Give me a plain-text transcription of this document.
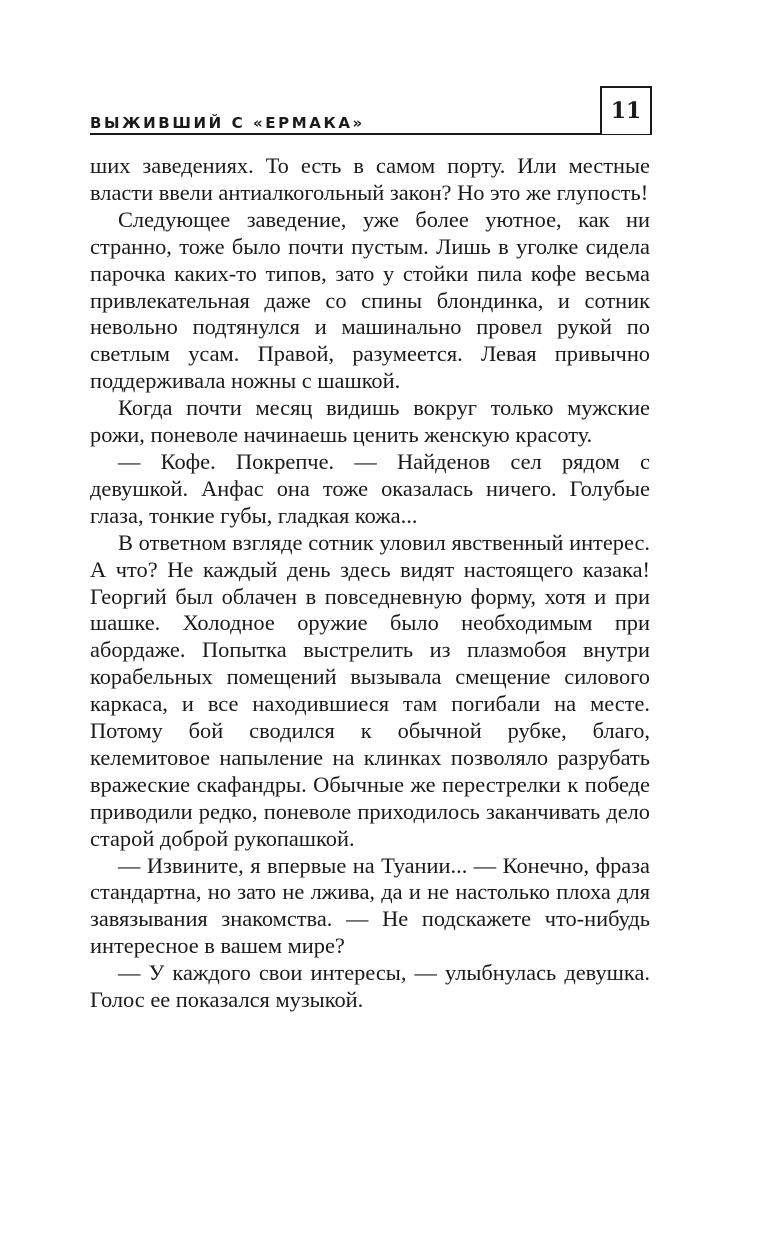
ВЫЖИВШИЙ С «ЕРМАКА»	11

ших заведениях. То есть в самом порту. Или местные власти ввели антиалкогольный закон? Но это же глупость!

Следующее заведение, уже более уютное, как ни странно, тоже было почти пустым. Лишь в уголке сидела парочка каких-то типов, зато у стойки пила кофе весьма привлекательная даже со спины блондинка, и сотник невольно подтянулся и машинально провел рукой по светлым усам. Правой, разумеется. Левая привычно поддерживала ножны с шашкой.

Когда почти месяц видишь вокруг только мужские рожи, поневоле начинаешь ценить женскую красоту.

— Кофе. Покрепче. — Найденов сел рядом с девушкой. Анфас она тоже оказалась ничего. Голубые глаза, тонкие губы, гладкая кожа...

В ответном взгляде сотник уловил явственный интерес. А что? Не каждый день здесь видят настоящего казака! Георгий был облачен в повседневную форму, хотя и при шашке. Холодное оружие было необходимым при абордаже. Попытка выстрелить из плазмобоя внутри корабельных помещений вызывала смещение силового каркаса, и все находившиеся там погибали на месте. Потому бой сводился к обычной рубке, благо, келемитовое напыление на клинках позволяло разрубать вражеские скафандры. Обычные же перестрелки к победе приводили редко, поневоле приходилось заканчивать дело старой доброй рукопашкой.

— Извините, я впервые на Туании... — Конечно, фраза стандартна, но зато не лжива, да и не настолько плоха для завязывания знакомства. — Не подскажете что-нибудь интересное в вашем мире?

— У каждого свои интересы, — улыбнулась девушка. Голос ее показался музыкой.
